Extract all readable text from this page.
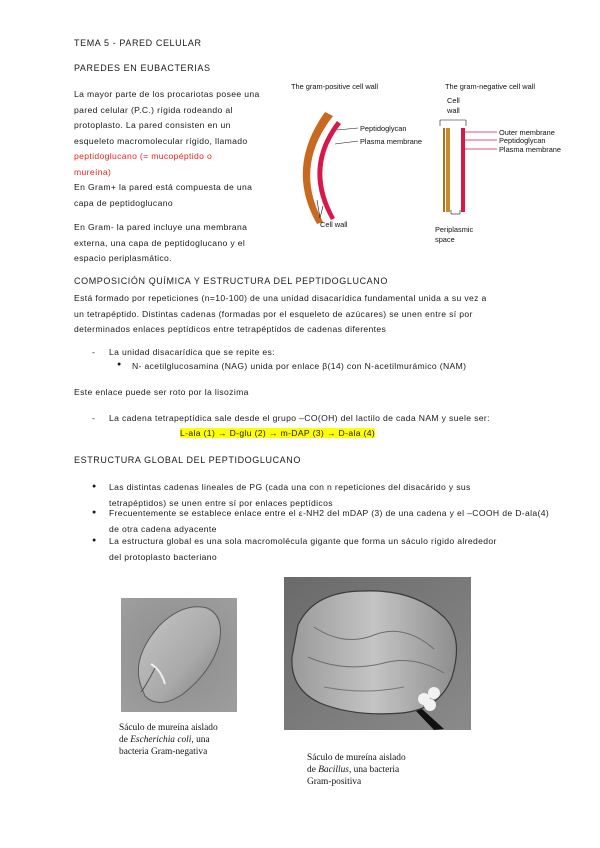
TEMA 5 - PARED CELULAR
PAREDES EN EUBACTERIAS
La mayor parte de los procariotas posee una
pared celular (P.C.) rígida rodeando al
protoplasto. La pared consisten en un
esqueleto macromolecular rígido, llamado
peptidoglucano (= mucopéptido o
mureína)
En Gram+ la pared está compuesta de una
capa de peptidoglucano
En Gram- la pared incluye una membrana
externa, una capa de peptidoglucano y el
espacio periplasmático.
The gram-positive cell wall	The gram-negative cell wall
Peptidoglycan
Plasma membrane
Cell wall
Cell
wall
Outer membrane
Peptidoglycan
Plasma membrane
Periplasmic
space
COMPOSICIÓN QUÍMICA Y ESTRUCTURA DEL PEPTIDOGLUCANO
Está formado por repeticiones (n=10-100) de una unidad disacarídica fundamental unida a su vez a
un tetrapéptido. Distintas cadenas (formadas por el esqueleto de azúcares) se unen entre sí por
determinados enlaces peptídicos entre tetrapéptidos de cadenas diferentes
- La unidad disacarídica que se repite es:
● N- acetilglucosamina (NAG) unida por enlace β(14) con N-acetilmurámico (NAM)
Este enlace puede ser roto por la lisozima
- La cadena tetrapeptídica sale desde el grupo –CO(OH) del lactilo de cada NAM y suele ser:
L-ala (1) → D-glu (2) → m-DAP (3) → D-ala (4)
ESTRUCTURA GLOBAL DEL PEPTIDOGLUCANO
● Las distintas cadenas lineales de PG (cada una con n repeticiones del disacárido y sus
tetrapéptidos) se unen entre sí por enlaces peptídicos
● Frecuentemente se establece enlace entre el ε-NH2 del mDAP (3) de una cadena y el –COOH de D-ala(4)
de otra cadena adyacente
● La estructura global es una sola macromolécula gigante que forma un sáculo rígido alrededor
del protoplasto bacteriano
Sáculo de mureína aislado
de Escherichia coli, una
bacteria Gram-negativa
Sáculo de mureína aislado
de Bacillus, una bacteria
Gram-positiva
